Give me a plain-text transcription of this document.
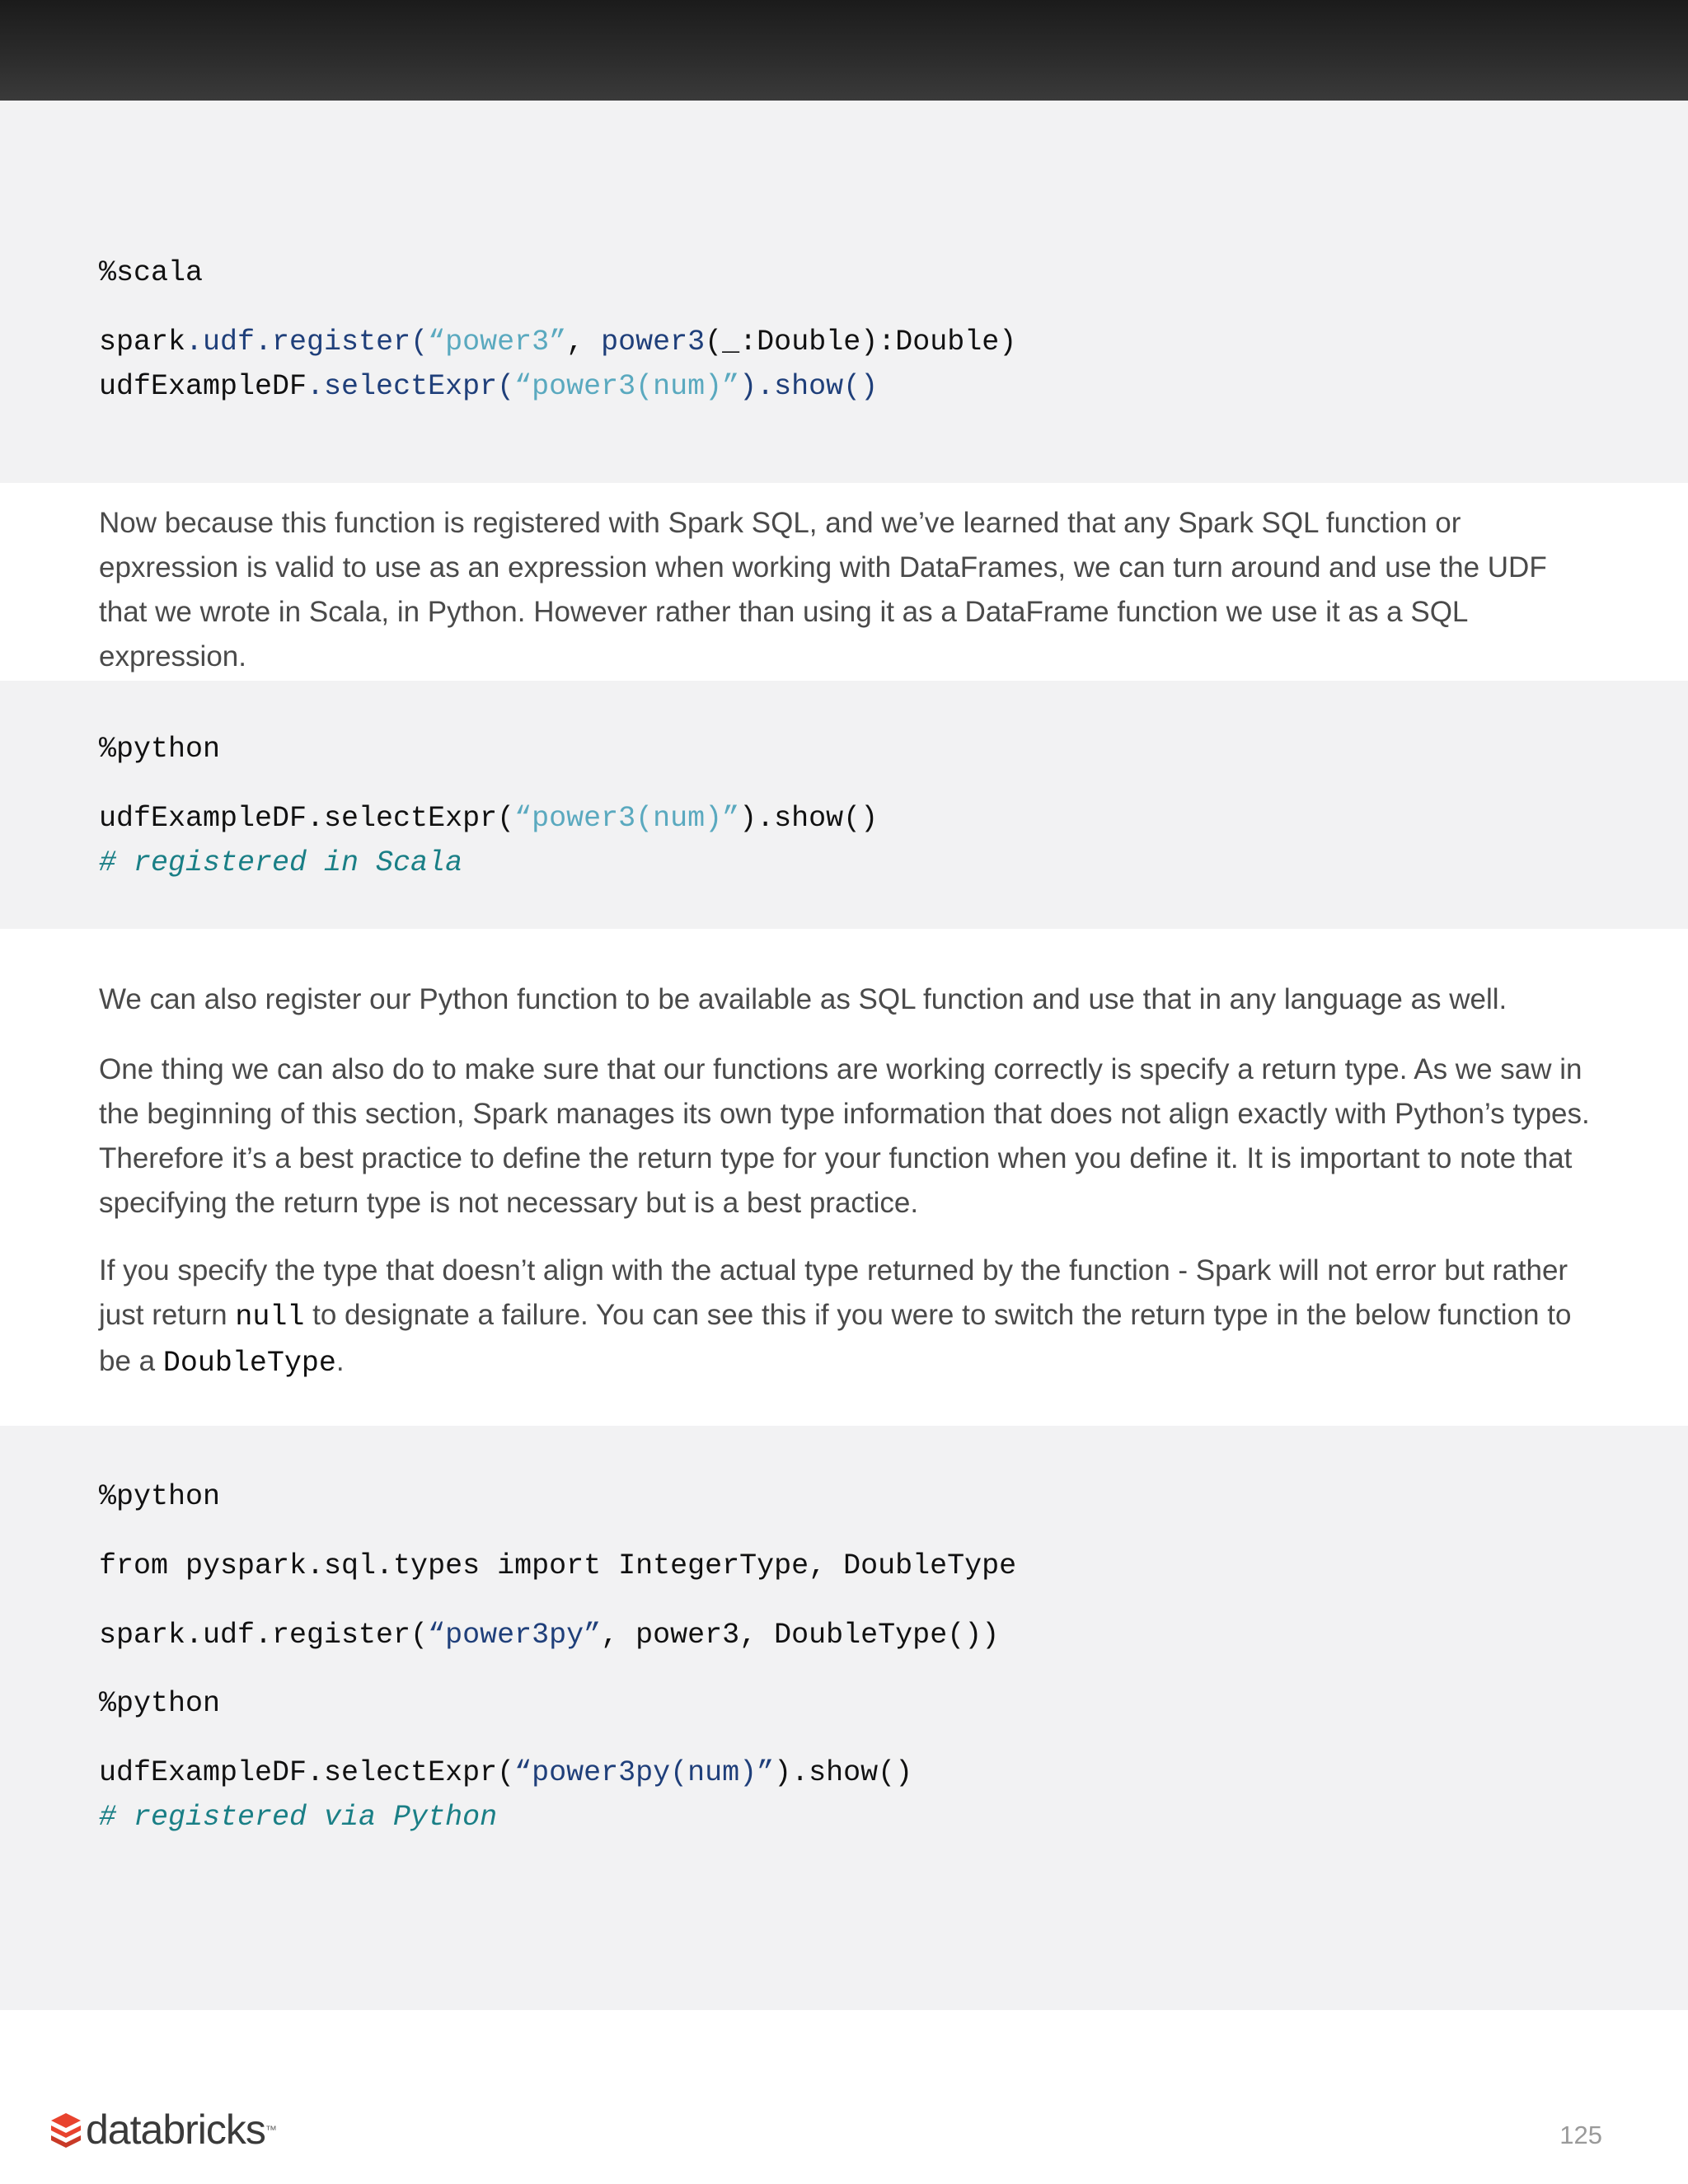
%scala
spark.udf.register(“power3”, power3(_:Double):Double)
udfExampleDF.selectExpr(“power3(num)”).show()

Now because this function is registered with Spark SQL, and we’ve learned that any Spark SQL function or epxression is valid to use as an expression when working with DataFrames, we can turn around and use the UDF that we wrote in Scala, in Python. However rather than using it as a DataFrame function we use it as a SQL expression.

%python
udfExampleDF.selectExpr(“power3(num)”).show()
# registered in Scala

We can also register our Python function to be available as SQL function and use that in any language as well.

One thing we can also do to make sure that our functions are working correctly is specify a return type. As we saw in the beginning of this section, Spark manages its own type information that does not align exactly with Python’s types. Therefore it’s a best practice to define the return type for your function when you define it. It is important to note that specifying the return type is not necessary but is a best practice.

If you specify the type that doesn’t align with the actual type returned by the function - Spark will not error but rather just return null to designate a failure. You can see this if you were to switch the return type in the below function to be a DoubleType.

%python
from pyspark.sql.types import IntegerType, DoubleType
spark.udf.register(“power3py”, power3, DoubleType())
%python
udfExampleDF.selectExpr(“power3py(num)”).show()
# registered via Python
databricks ™	125
